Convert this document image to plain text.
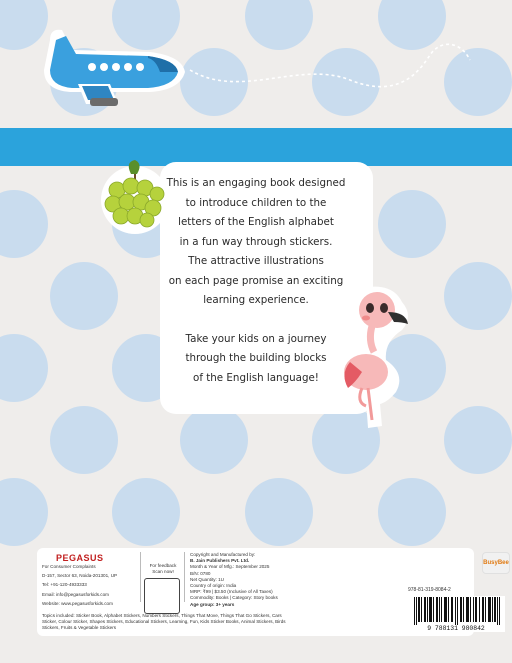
This is an engaging book designed

to introduce children to the

letters of the English alphabet

in a fun way through stickers.

The attractive illustrations

on each page promise an exciting

learning experience.

Take your kids on a journey

through the building blocks

of the English language!

PEGASUS
For Consumer Complaints
D-157, Sector 63, Noida-201301, UP
Tel: +91-120-4933333
Email: info@pegasusforkids.com
Website: www.pegasusforkids.com
For feedback
Scan now!
Copyright and Manufactured by:
B. Jain Publishers Pvt. Ltd.
Month & Year of Mfg.: September 2025
B/N: 0780
Net Quantity: 1U
Country of origin: India
MRP: ₹99 | $3.50 (Inclusive of All Taxes)
Commodity: Books | Category: Story books
Age group: 3+ years
Topics included: Sticker Book, Alphabet Stickers, Numbers Stickers, Things That Move, Things That Go Stickers, Cars
Sticker, Colour Sticker, Shapes Stickers, Educational Stickers, Learning, Fun, Kids Sticker Books, Animal Stickers, Birds
Stickers, Fruits & Vegetable Stickers
BusyBee
978-81-319-8084-2
9 788131 980842
